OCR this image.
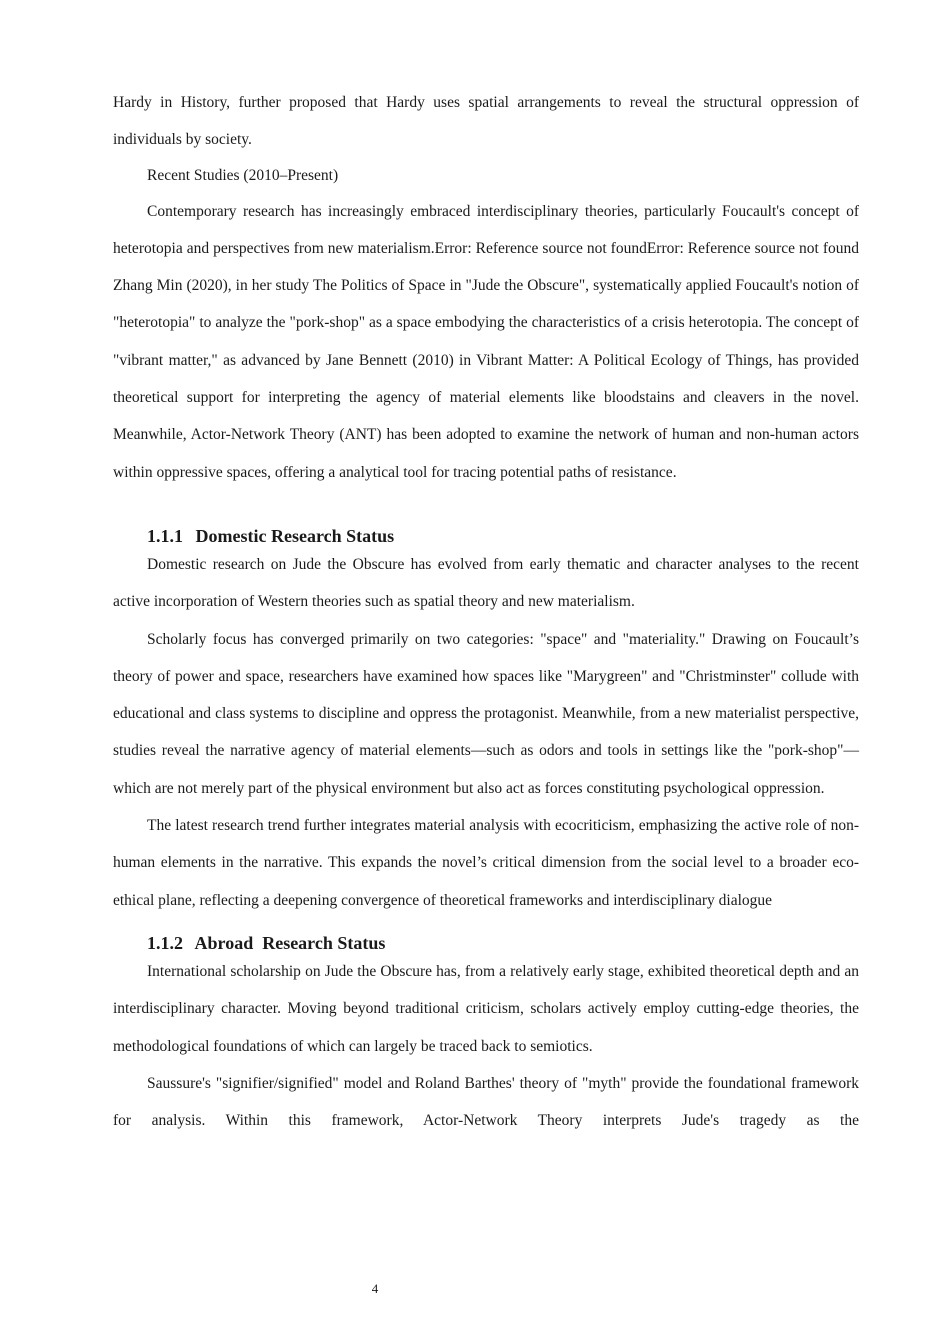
Hardy in History, further proposed that Hardy uses spatial arrangements to reveal the structural oppression of individuals by society.

Recent Studies (2010–Present)

Contemporary research has increasingly embraced interdisciplinary theories, particularly Foucault's concept of heterotopia and perspectives from new materialism.Error: Reference source not foundError: Reference source not found Zhang Min (2020), in her study The Politics of Space in "Jude the Obscure", systematically applied Foucault's notion of "heterotopia" to analyze the "pork-shop" as a space embodying the characteristics of a crisis heterotopia. The concept of "vibrant matter," as advanced by Jane Bennett (2010) in Vibrant Matter: A Political Ecology of Things, has provided theoretical support for interpreting the agency of material elements like bloodstains and cleavers in the novel. Meanwhile, Actor-Network Theory (ANT) has been adopted to examine the network of human and non-human actors within oppressive spaces, offering a analytical tool for tracing potential paths of resistance.

1.1.1 Domestic Research Status

Domestic research on Jude the Obscure has evolved from early thematic and character analyses to the recent active incorporation of Western theories such as spatial theory and new materialism.

Scholarly focus has converged primarily on two categories: "space" and "materiality." Drawing on Foucault’s theory of power and space, researchers have examined how spaces like "Marygreen" and "Christminster" collude with educational and class systems to discipline and oppress the protagonist. Meanwhile, from a new materialist perspective, studies reveal the narrative agency of material elements—such as odors and tools in settings like the "pork-shop"—which are not merely part of the physical environment but also act as forces constituting psychological oppression.

The latest research trend further integrates material analysis with ecocriticism, emphasizing the active role of non-human elements in the narrative. This expands the novel’s critical dimension from the social level to a broader eco-ethical plane, reflecting a deepening convergence of theoretical frameworks and interdisciplinary dialogue

1.1.2 Abroad  Research Status

International scholarship on Jude the Obscure has, from a relatively early stage, exhibited theoretical depth and an interdisciplinary character. Moving beyond traditional criticism, scholars actively employ cutting-edge theories, the methodological foundations of which can largely be traced back to semiotics.

Saussure's "signifier/signified" model and Roland Barthes' theory of "myth" provide the foundational framework for analysis. Within this framework, Actor-Network Theory interprets Jude's tragedy as the

4
